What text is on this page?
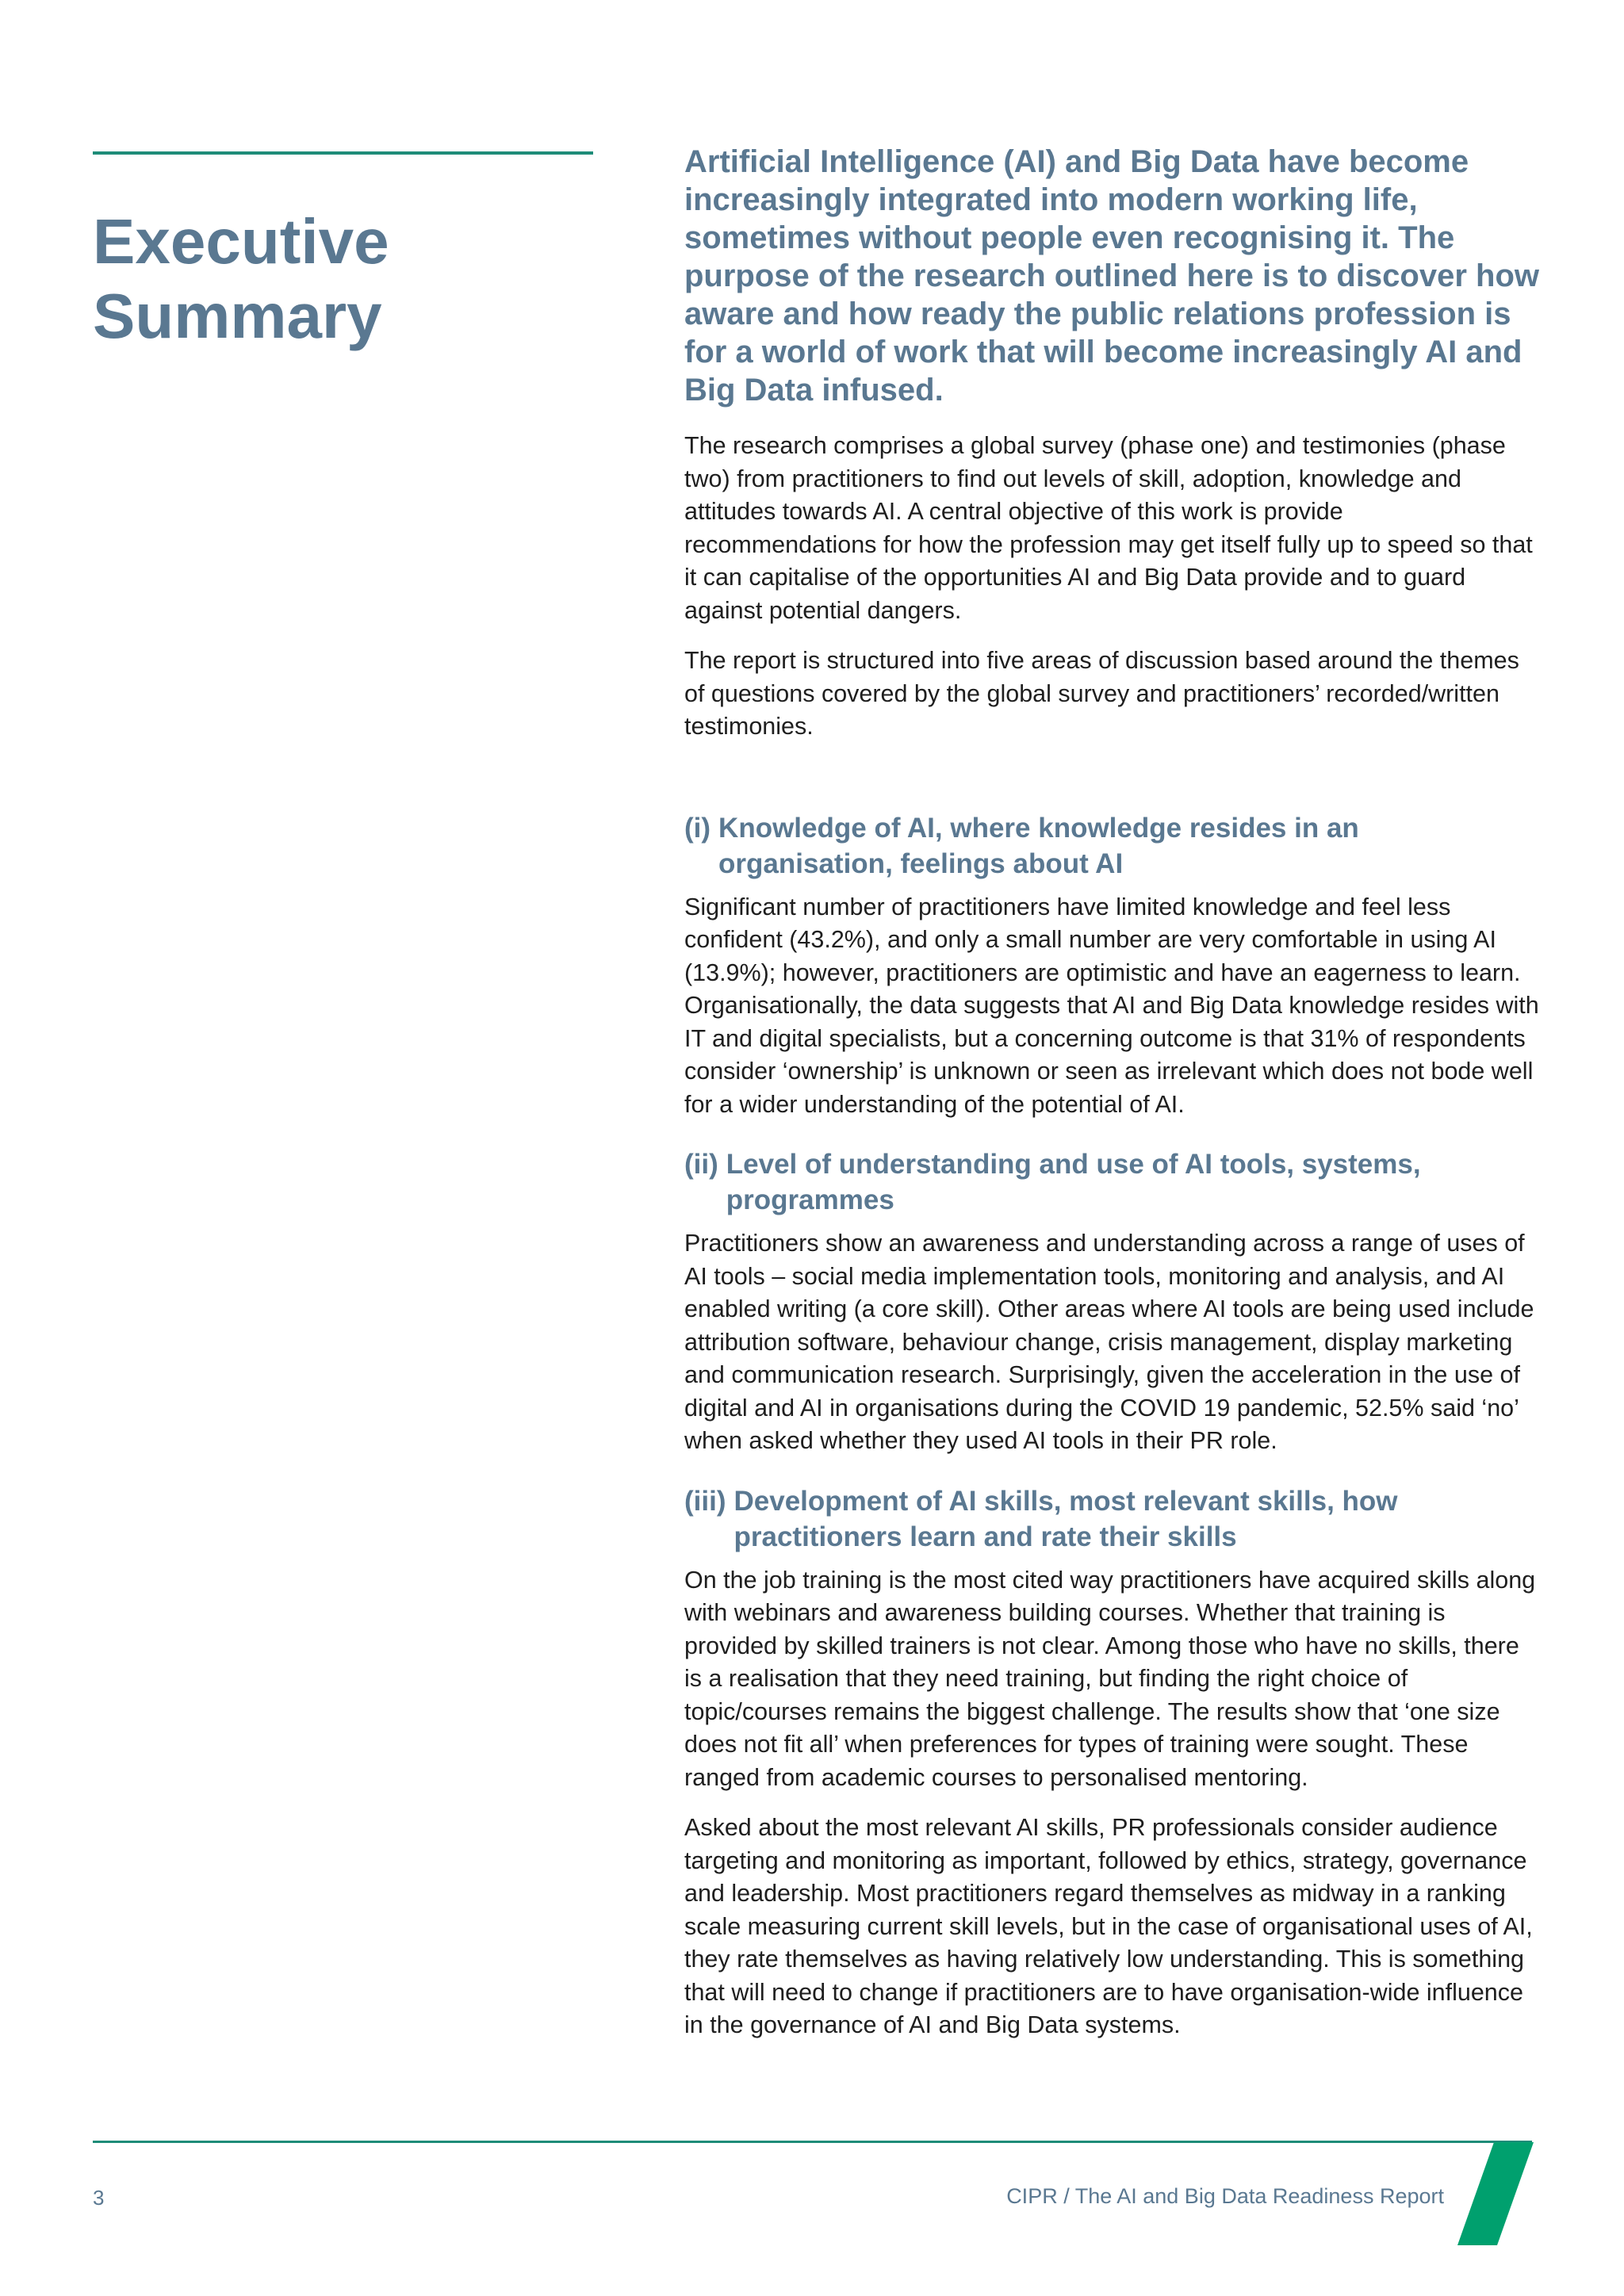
Executive
Summary

Artificial Intelligence (AI) and Big Data have become increasingly integrated into modern working life, sometimes without people even recognising it. The purpose of the research outlined here is to discover how aware and how ready the public relations profession is for a world of work that will become increasingly AI and Big Data infused.

The research comprises a global survey (phase one) and testimonies (phase two) from practitioners to find out levels of skill, adoption, knowledge and attitudes towards AI. A central objective of this work is provide recommendations for how the profession may get itself fully up to speed so that it can capitalise of the opportunities AI and Big Data provide and to guard against potential dangers.

The report is structured into five areas of discussion based around the themes of questions covered by the global survey and practitioners’ recorded/written testimonies.

(i) Knowledge of AI, where knowledge resides in an organisation, feelings about AI

Significant number of practitioners have limited knowledge and feel less confident (43.2%), and only a small number are very comfortable in using AI (13.9%); however, practitioners are optimistic and have an eagerness to learn. Organisationally, the data suggests that AI and Big Data knowledge resides with IT and digital specialists, but a concerning outcome is that 31% of respondents consider ‘ownership’ is unknown or seen as irrelevant which does not bode well for a wider understanding of the potential of AI.

(ii) Level of understanding and use of AI tools, systems, programmes

Practitioners show an awareness and understanding across a range of uses of AI tools – social media implementation tools, monitoring and analysis, and AI enabled writing (a core skill). Other areas where AI tools are being used include attribution software, behaviour change, crisis management, display marketing and communication research. Surprisingly, given the acceleration in the use of digital and AI in organisations during the COVID 19 pandemic, 52.5% said ‘no’ when asked whether they used AI tools in their PR role.

(iii) Development of AI skills, most relevant skills, how practitioners learn and rate their skills

On the job training is the most cited way practitioners have acquired skills along with webinars and awareness building courses. Whether that training is provided by skilled trainers is not clear. Among those who have no skills, there is a realisation that they need training, but finding the right choice of topic/courses remains the biggest challenge. The results show that ‘one size does not fit all’ when preferences for types of training were sought. These ranged from academic courses to personalised mentoring.

Asked about the most relevant AI skills, PR professionals consider audience targeting and monitoring as important, followed by ethics, strategy, governance and leadership. Most practitioners regard themselves as midway in a ranking scale measuring current skill levels, but in the case of organisational uses of AI, they rate themselves as having relatively low understanding. This is something that will need to change if practitioners are to have organisation-wide influence in the governance of AI and Big Data systems.

3	CIPR / The AI and Big Data Readiness Report
